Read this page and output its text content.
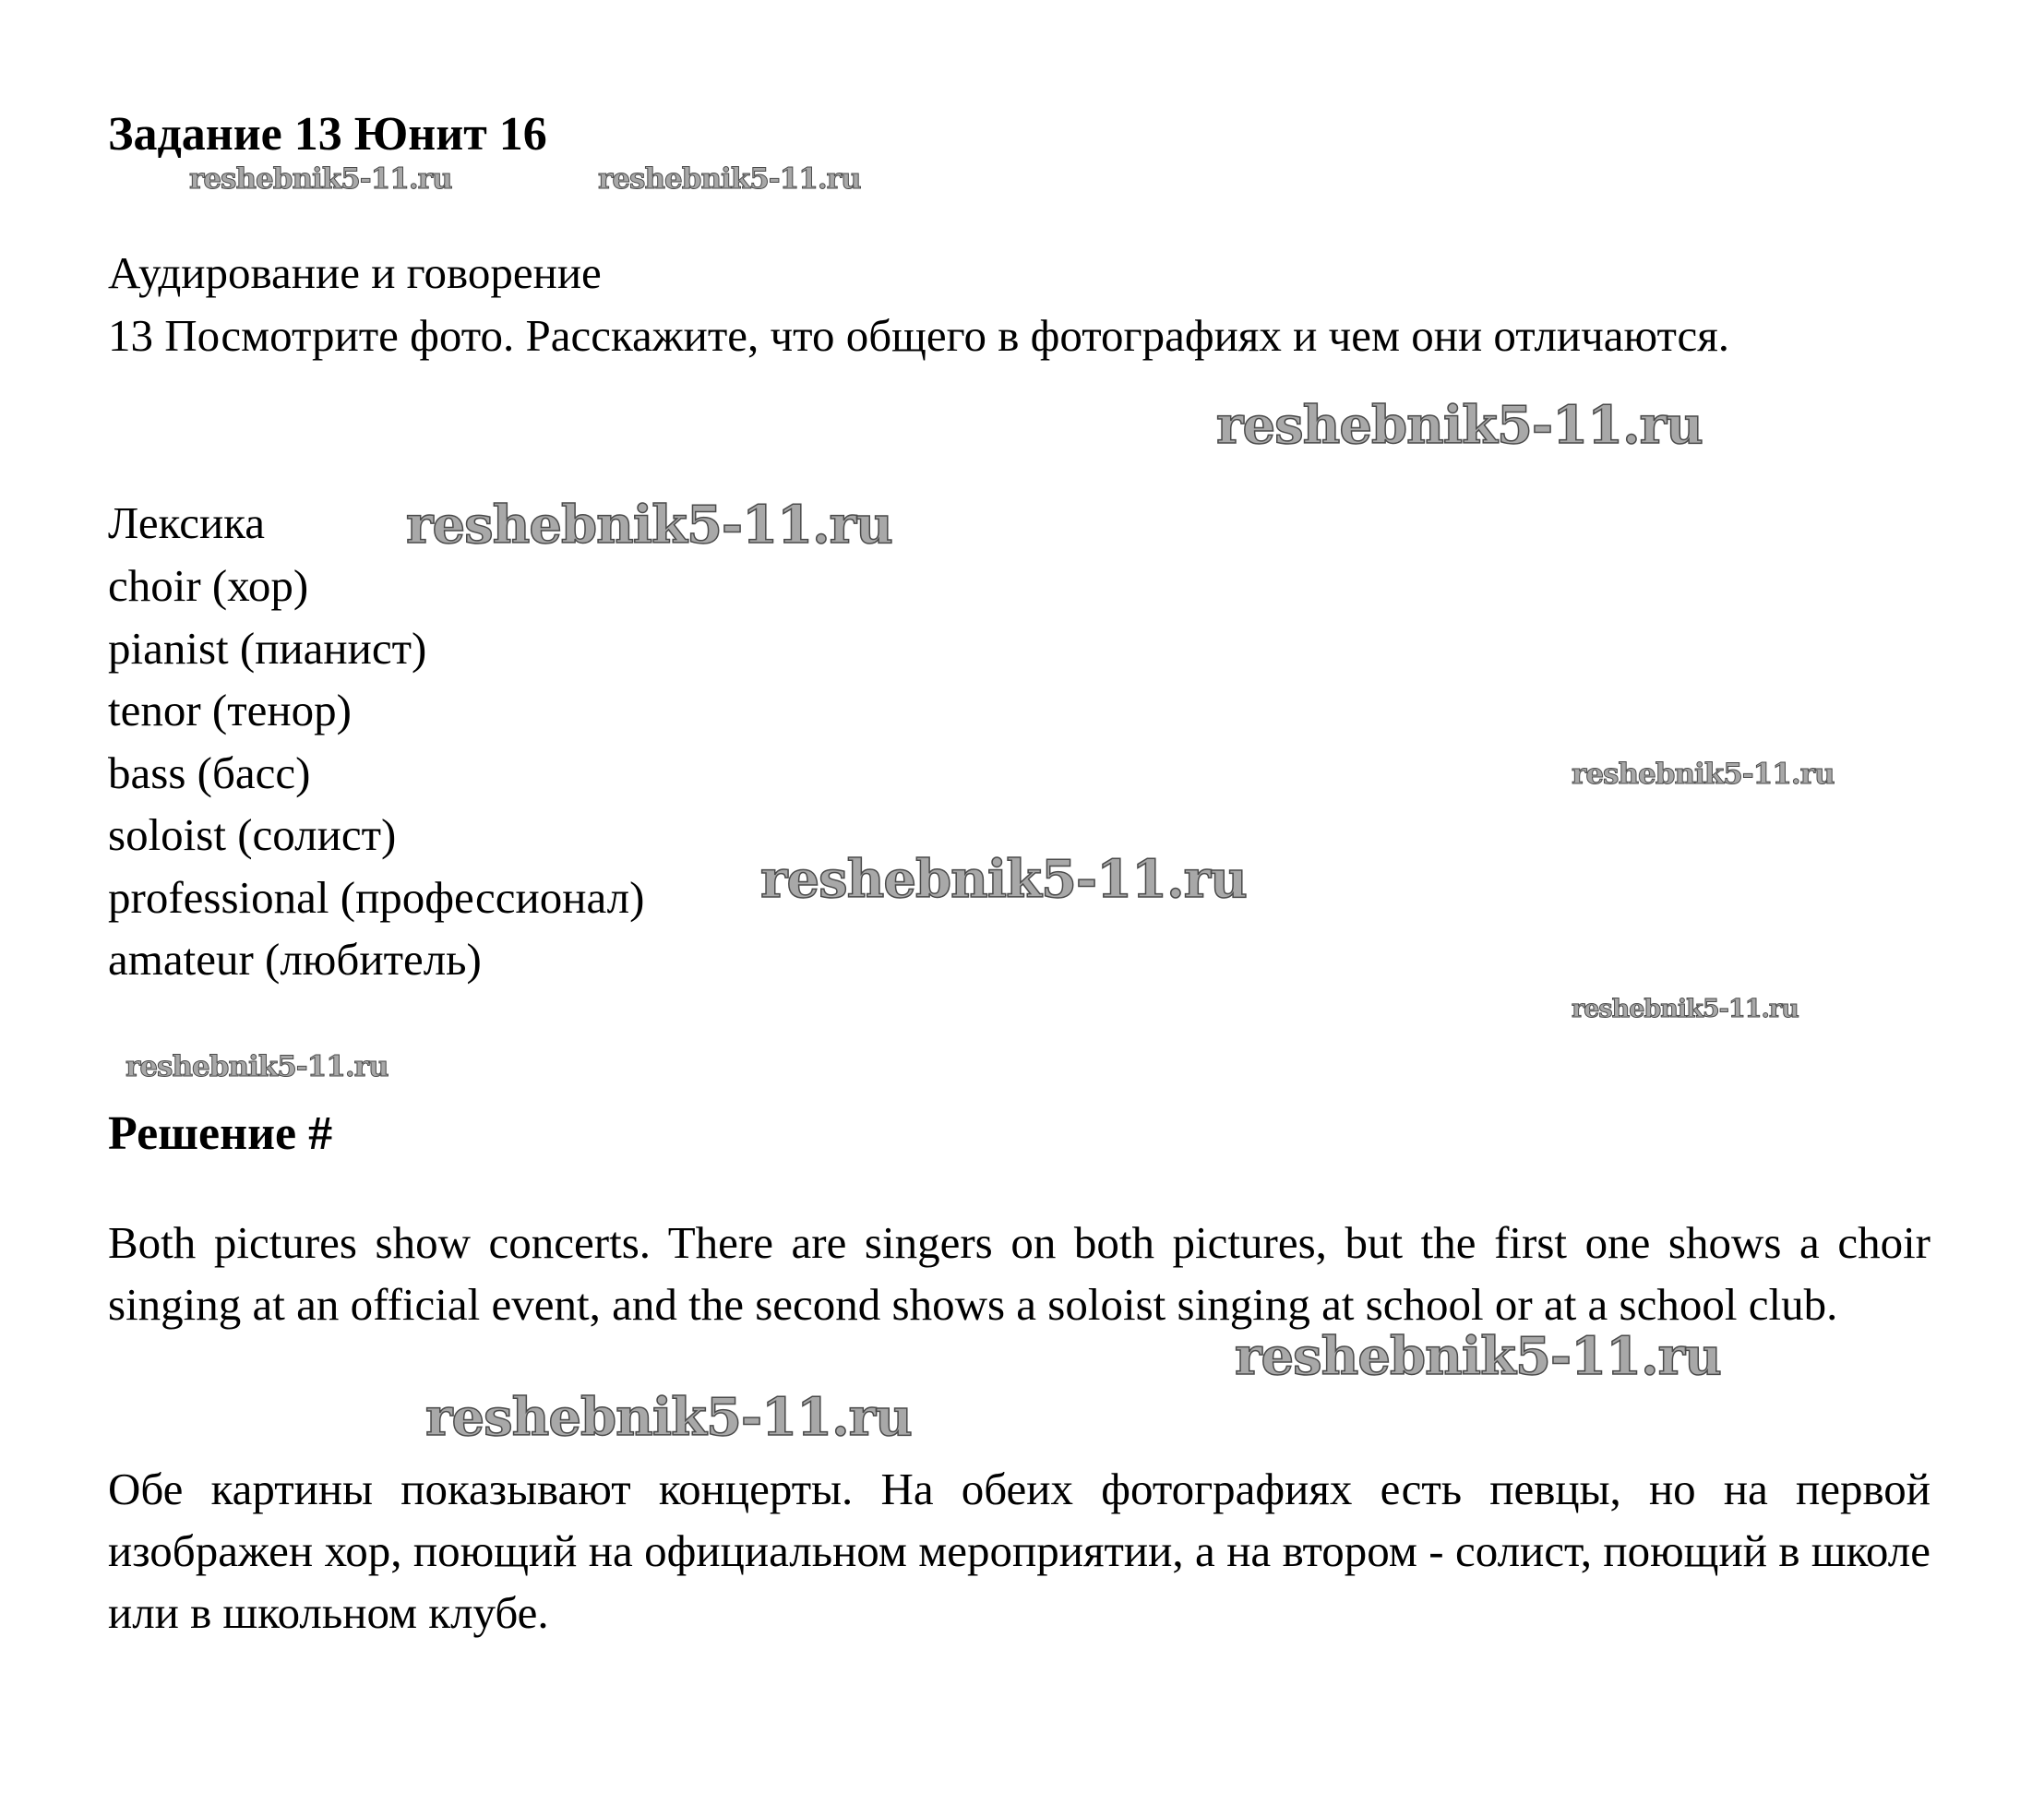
Задание 13 Юнит 16

Аудирование и говорение

13 Посмотрите фото. Расскажите, что общего в фотографиях и чем они отличаются.

Лексика

choir (хор)
pianist (пианист)
tenor (тенор)
bass (басс)
soloist (солист)
professional (профессионал)
amateur (любитель)
Решение #

Both pictures show concerts. There are singers on both pictures, but the first one shows a choir singing at an official event, and the second shows a soloist singing at school or at a school club.

Обе картины показывают концерты. На обеих фотографиях есть певцы, но на первой изображен хор, поющий на официальном мероприятии, а на втором - солист, поющий в школе или в школьном клубе.

reshebnik5-11.ru	reshebnik5-11.ru
reshebnik5-11.ru
reshebnik5-11.ru
reshebnik5-11.ru
reshebnik5-11.ru
reshebnik5-11.ru
reshebnik5-11.ru
reshebnik5-11.ru
reshebnik5-11.ru
